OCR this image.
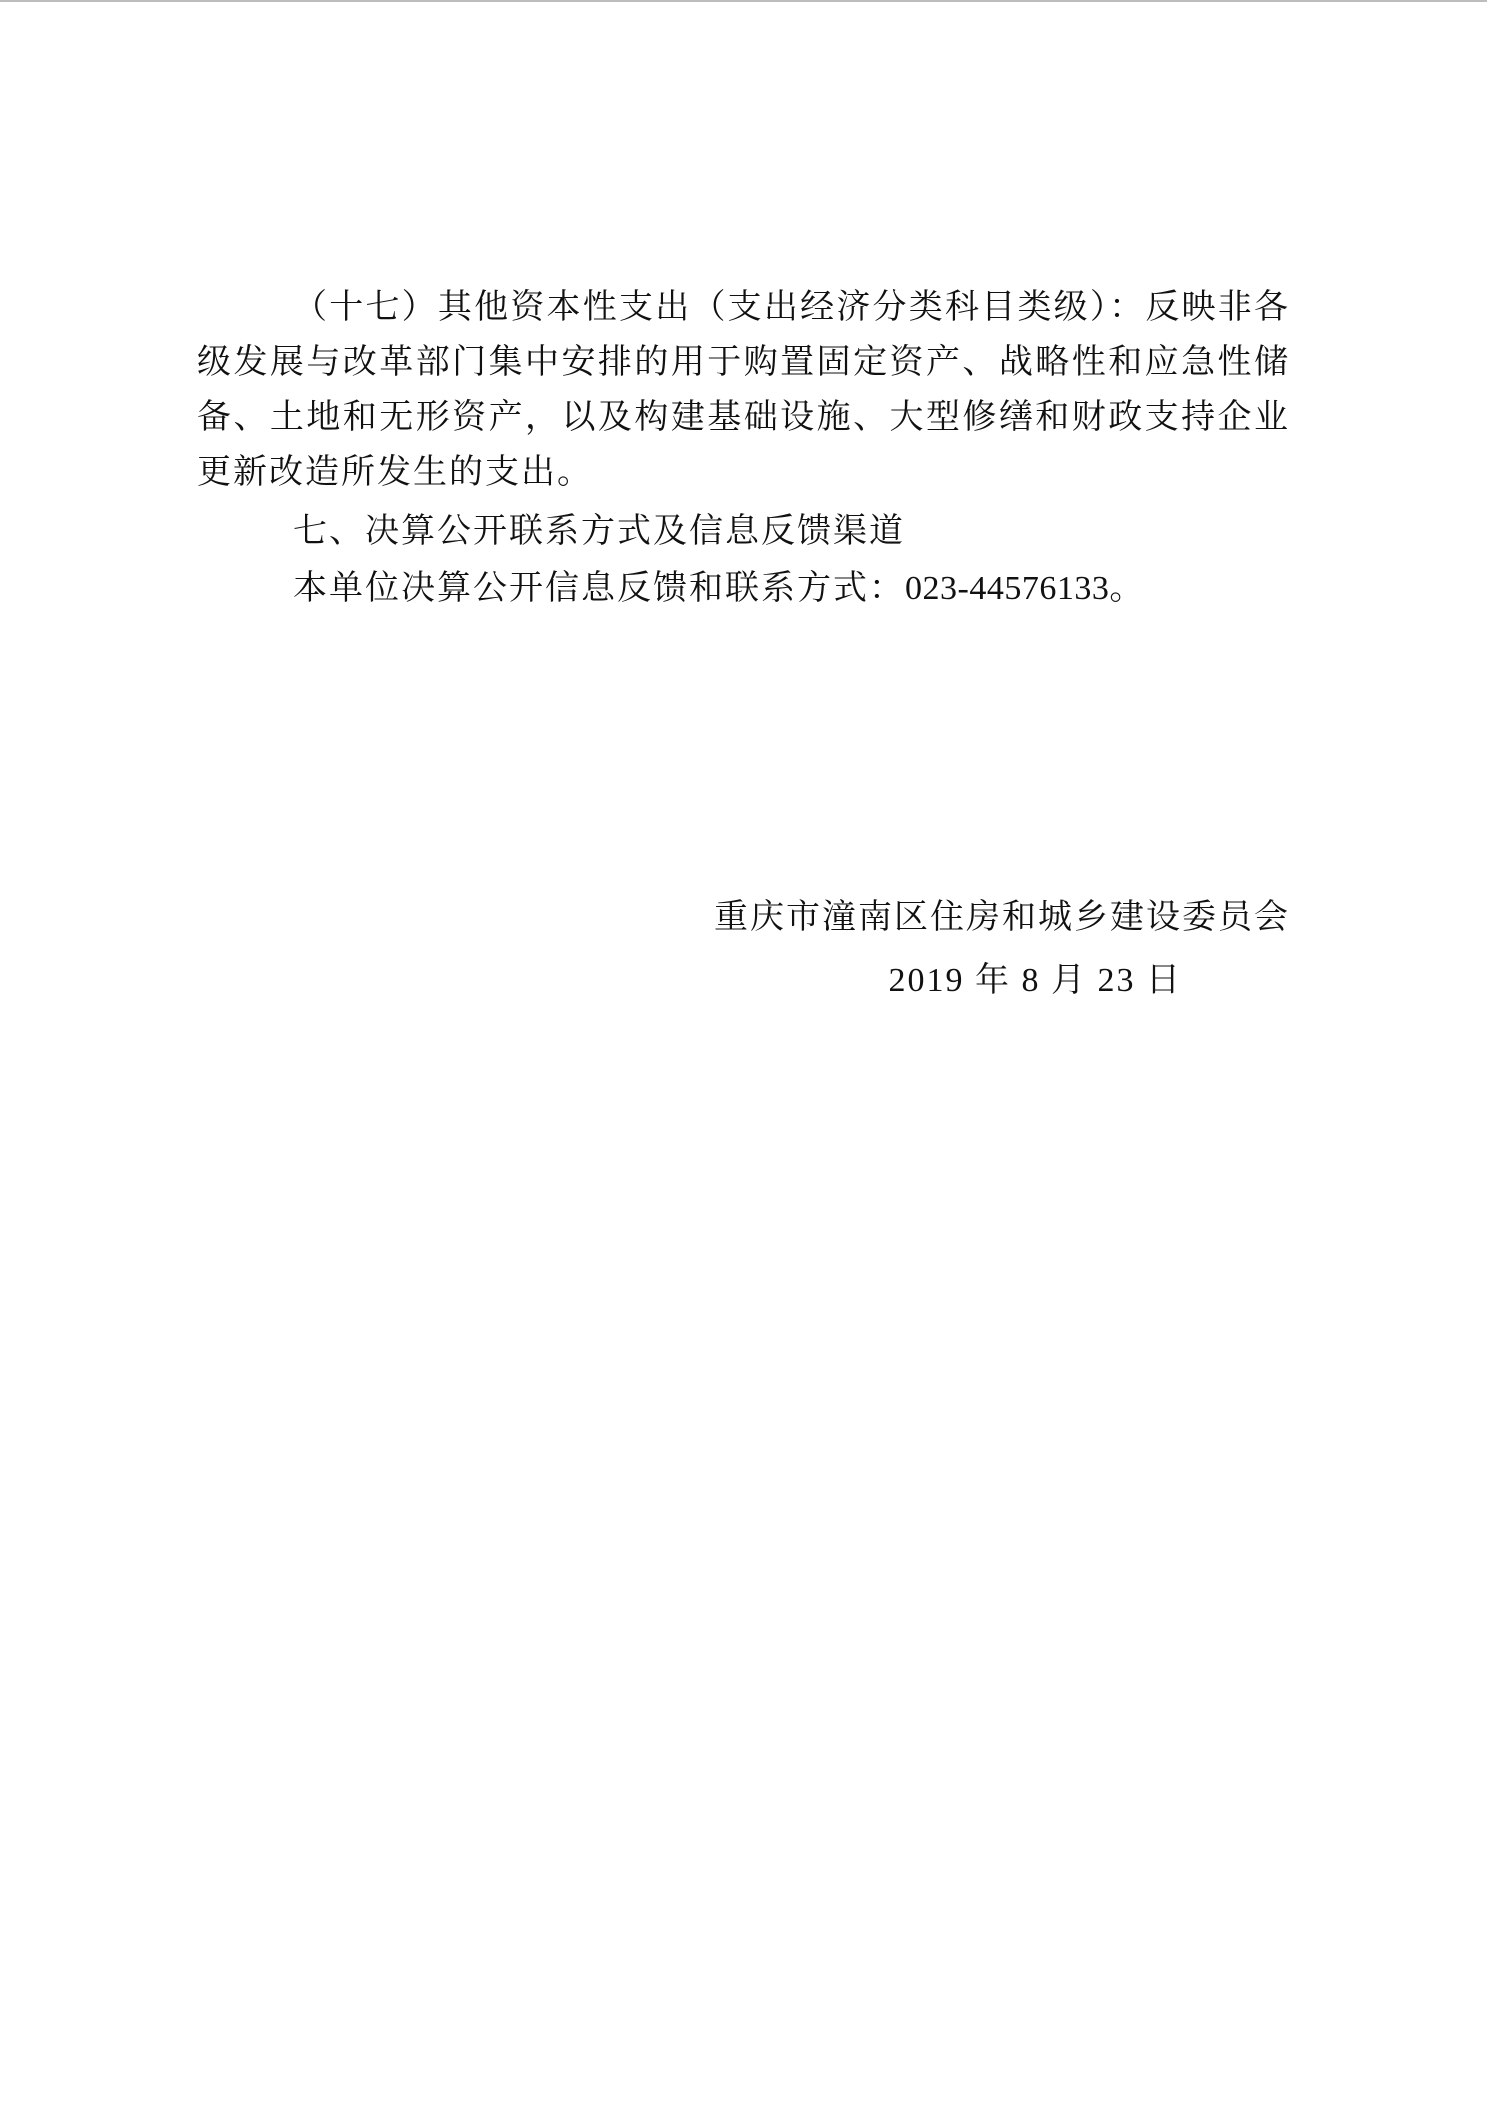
（十七）其他资本性支出（支出经济分类科目类级）：反映非各级发展与改革部门集中安排的用于购置固定资产、战略性和应急性储备、土地和无形资产，以及构建基础设施、大型修缮和财政支持企业更新改造所发生的支出。

七、决算公开联系方式及信息反馈渠道

本单位决算公开信息反馈和联系方式：023-44576133。

重庆市潼南区住房和城乡建设委员会

2019 年 8 月 23 日
